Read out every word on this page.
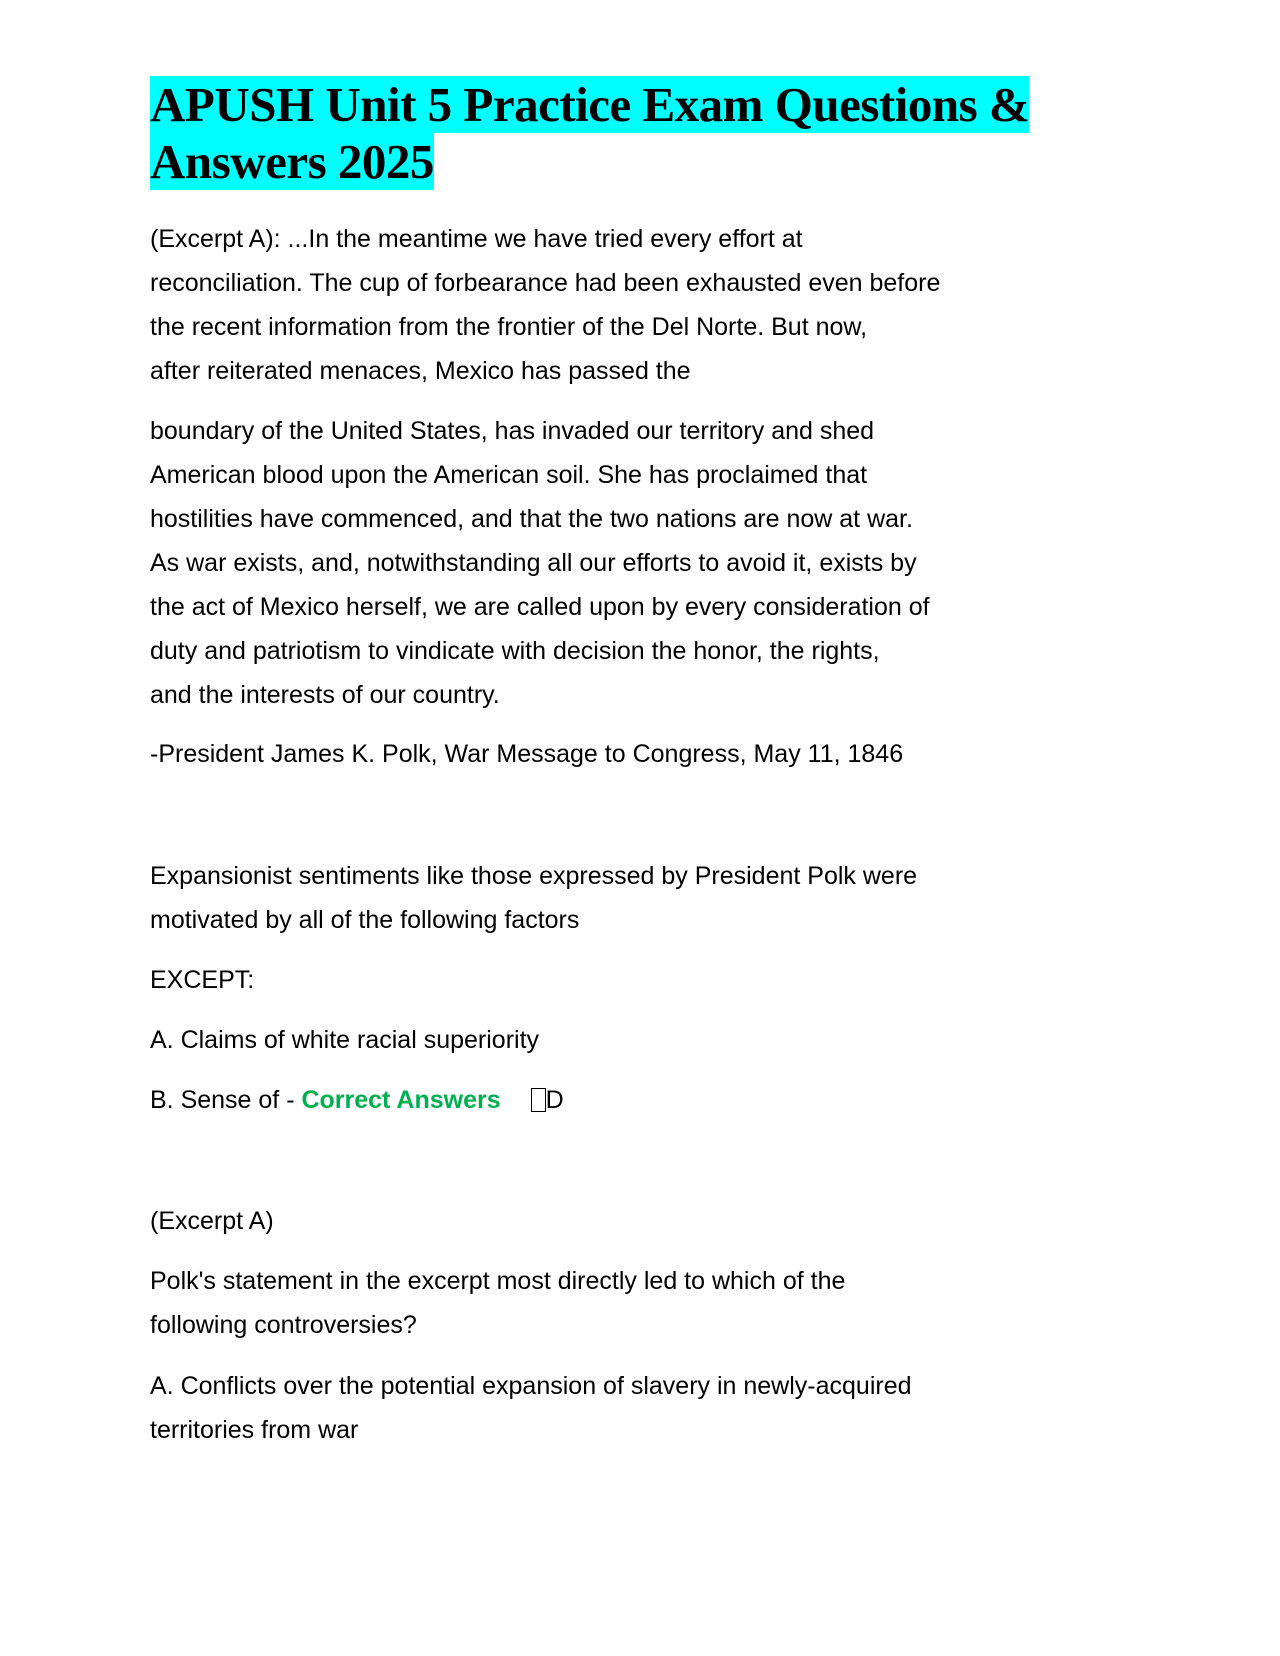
APUSH Unit 5 Practice Exam Questions &
Answers 2025
(Excerpt A): ...In the meantime we have tried every effort at
reconciliation. The cup of forbearance had been exhausted even before
the recent information from the frontier of the Del Norte. But now,
after reiterated menaces, Mexico has passed the
boundary of the United States, has invaded our territory and shed
American blood upon the American soil. She has proclaimed that
hostilities have commenced, and that the two nations are now at war.
As war exists, and, notwithstanding all our efforts to avoid it, exists by
the act of Mexico herself, we are called upon by every consideration of
duty and patriotism to vindicate with decision the honor, the rights,
and the interests of our country.
-President James K. Polk, War Message to Congress, May 11, 1846
Expansionist sentiments like those expressed by President Polk were
motivated by all of the following factors
EXCEPT:
A. Claims of white racial superiority
B. Sense of - Correct Answers D
(Excerpt A)
Polk's statement in the excerpt most directly led to which of the
following controversies?
A. Conflicts over the potential expansion of slavery in newly-acquired
territories from war
